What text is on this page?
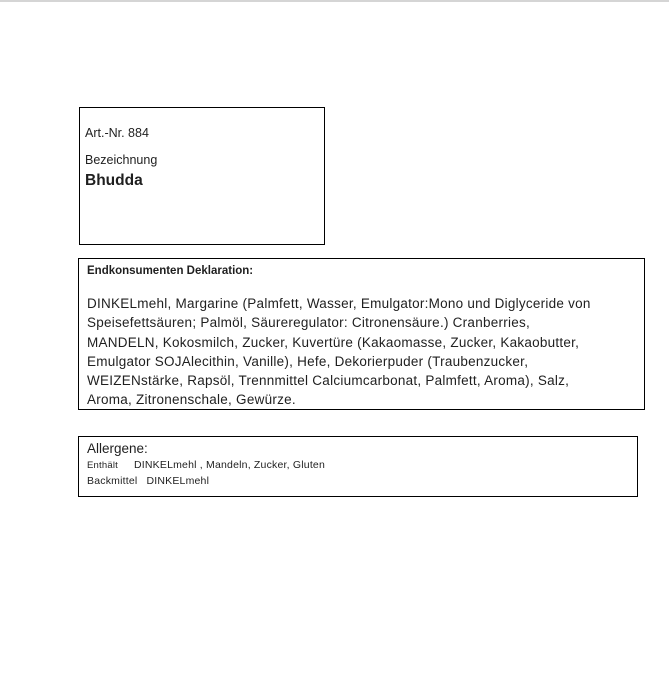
Art.-Nr. 884
Bezeichnung
Bhudda
Endkonsumenten Deklaration:
DINKELmehl, Margarine (Palmfett, Wasser, Emulgator:Mono und Diglyceride von
Speisefettsäuren; Palmöl, Säureregulator: Citronensäure.) Cranberries,
MANDELN, Kokosmilch, Zucker, Kuvertüre (Kakaomasse, Zucker, Kakaobutter,
Emulgator SOJAlecithin, Vanille), Hefe, Dekorierpuder (Traubenzucker,
WEIZENstärke, Rapsöl, Trennmittel Calciumcarbonat, Palmfett, Aroma), Salz,
Aroma, Zitronenschale, Gewürze.
Allergene:
Enthält DINKELmehl , Mandeln, Zucker, Gluten
Backmittel DINKELmehl
